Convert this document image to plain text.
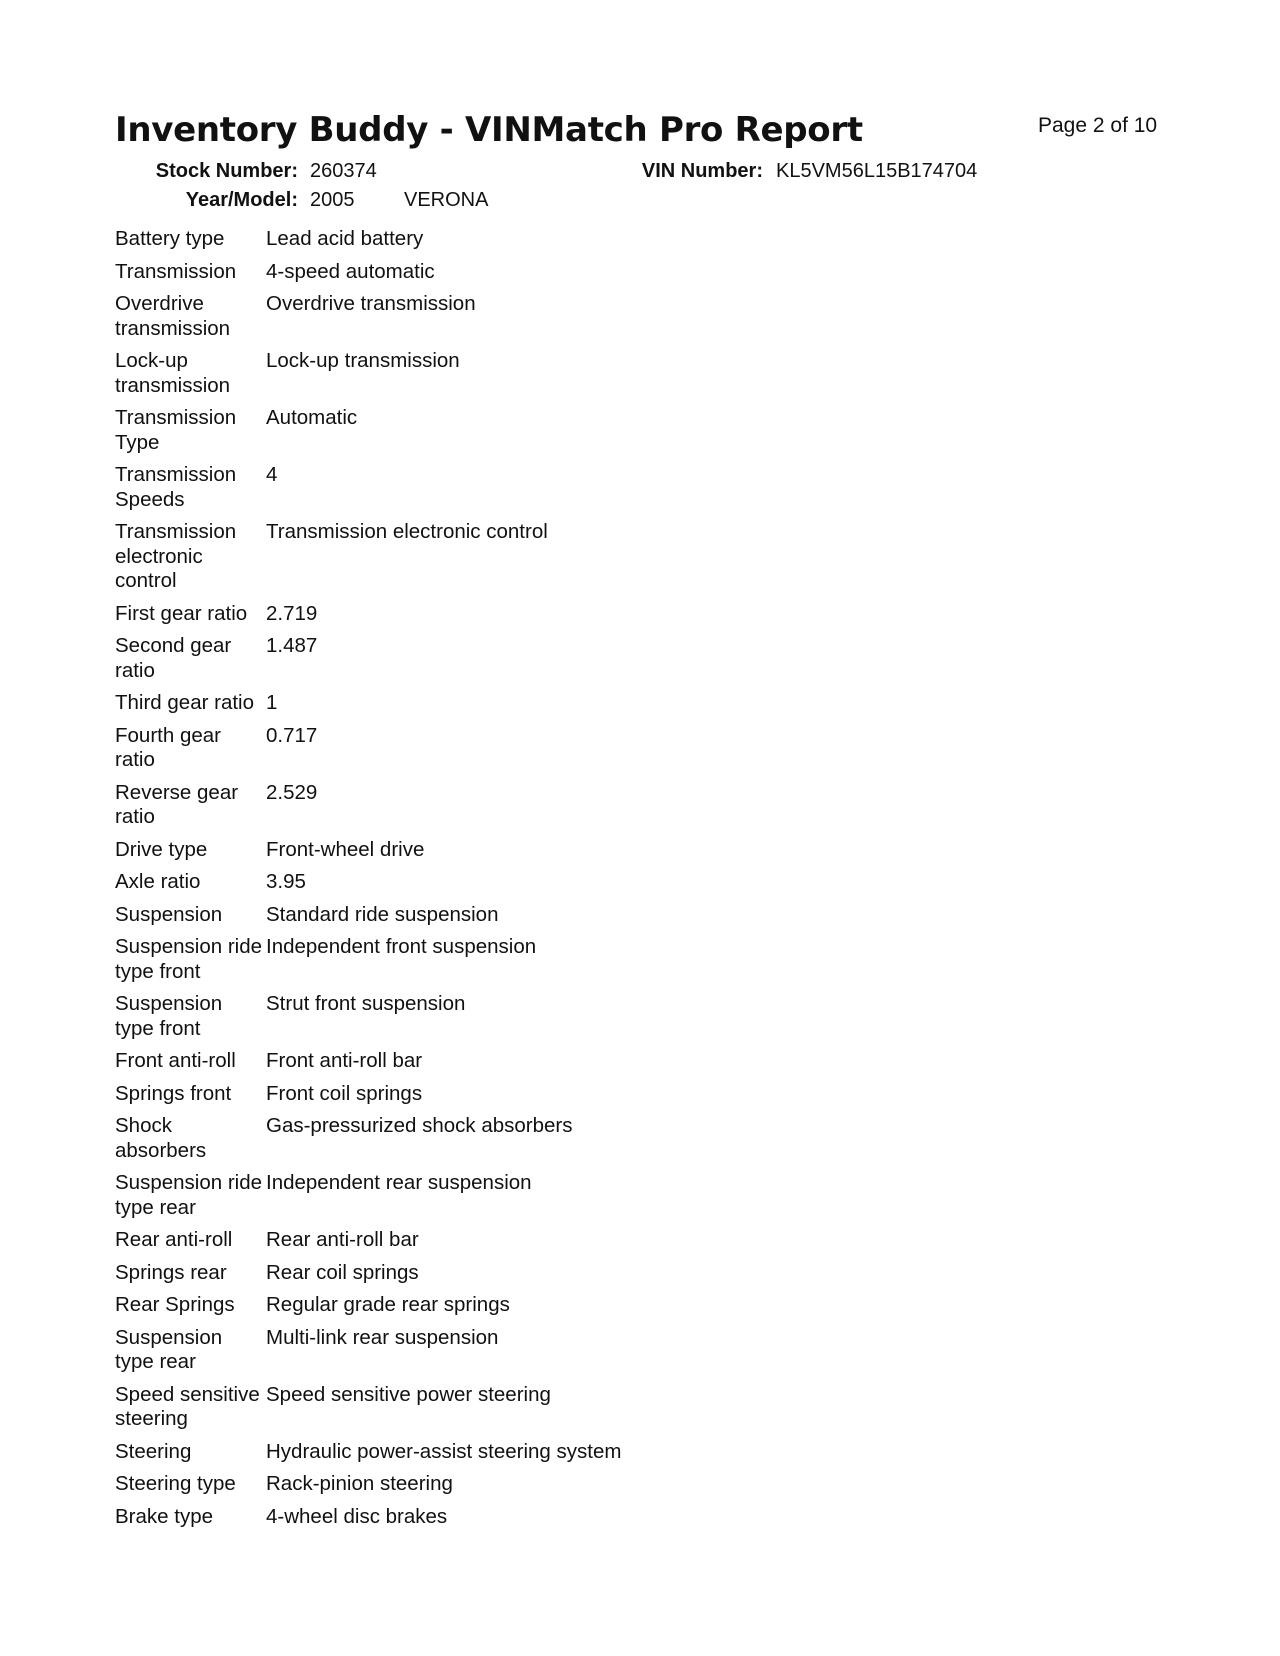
Inventory Buddy - VINMatch Pro Report	Page 2 of 10
Stock Number: 260374	VIN Number: KL5VM56L15B174704
Year/Model: 2005 VERONA
Battery type	Lead acid battery
Transmission	4-speed automatic
Overdrive transmission	Overdrive transmission
Lock-up transmission	Lock-up transmission
Transmission Type	Automatic
Transmission Speeds	4
Transmission electronic control	Transmission electronic control
First gear ratio	2.719
Second gear ratio	1.487
Third gear ratio	1
Fourth gear ratio	0.717
Reverse gear ratio	2.529
Drive type	Front-wheel drive
Axle ratio	3.95
Suspension	Standard ride suspension
Suspension ride type front	Independent front suspension
Suspension type front	Strut front suspension
Front anti-roll	Front anti-roll bar
Springs front	Front coil springs
Shock absorbers	Gas-pressurized shock absorbers
Suspension ride type rear	Independent rear suspension
Rear anti-roll	Rear anti-roll bar
Springs rear	Rear coil springs
Rear Springs	Regular grade rear springs
Suspension type rear	Multi-link rear suspension
Speed sensitive steering	Speed sensitive power steering
Steering	Hydraulic power-assist steering system
Steering type	Rack-pinion steering
Brake type	4-wheel disc brakes
